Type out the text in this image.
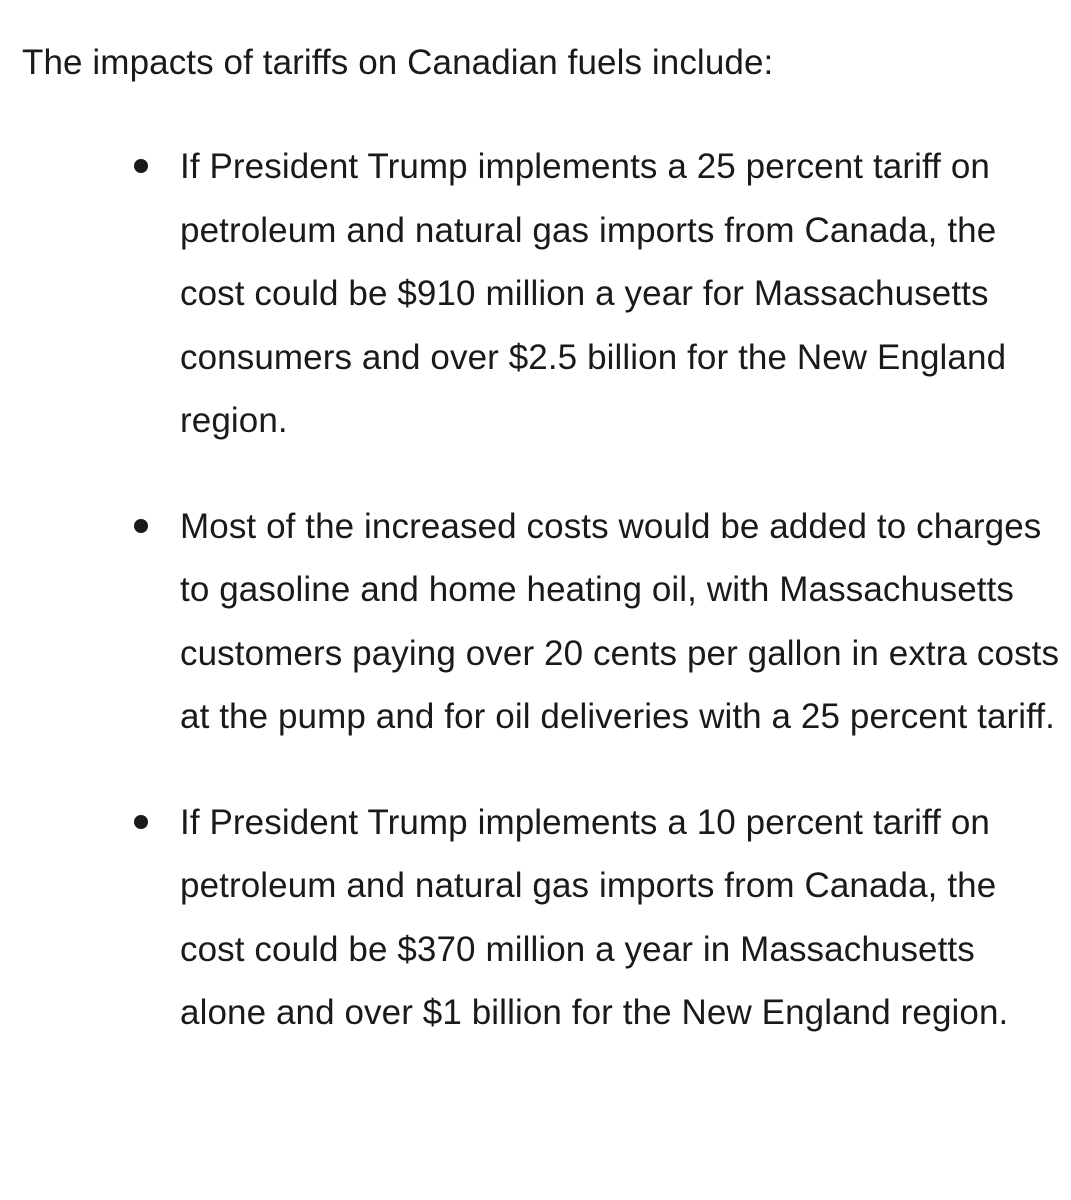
The impacts of tariffs on Canadian fuels include:

If President Trump implements a 25 percent tariff on petroleum and natural gas imports from Canada, the cost could be $910 million a year for Massachusetts consumers and over $2.5 billion for the New England region.
Most of the increased costs would be added to charges to gasoline and home heating oil, with Massachusetts customers paying over 20 cents per gallon in extra costs at the pump and for oil deliveries with a 25 percent tariff.
If President Trump implements a 10 percent tariff on petroleum and natural gas imports from Canada, the cost could be $370 million a year in Massachusetts alone and over $1 billion for the New England region.
